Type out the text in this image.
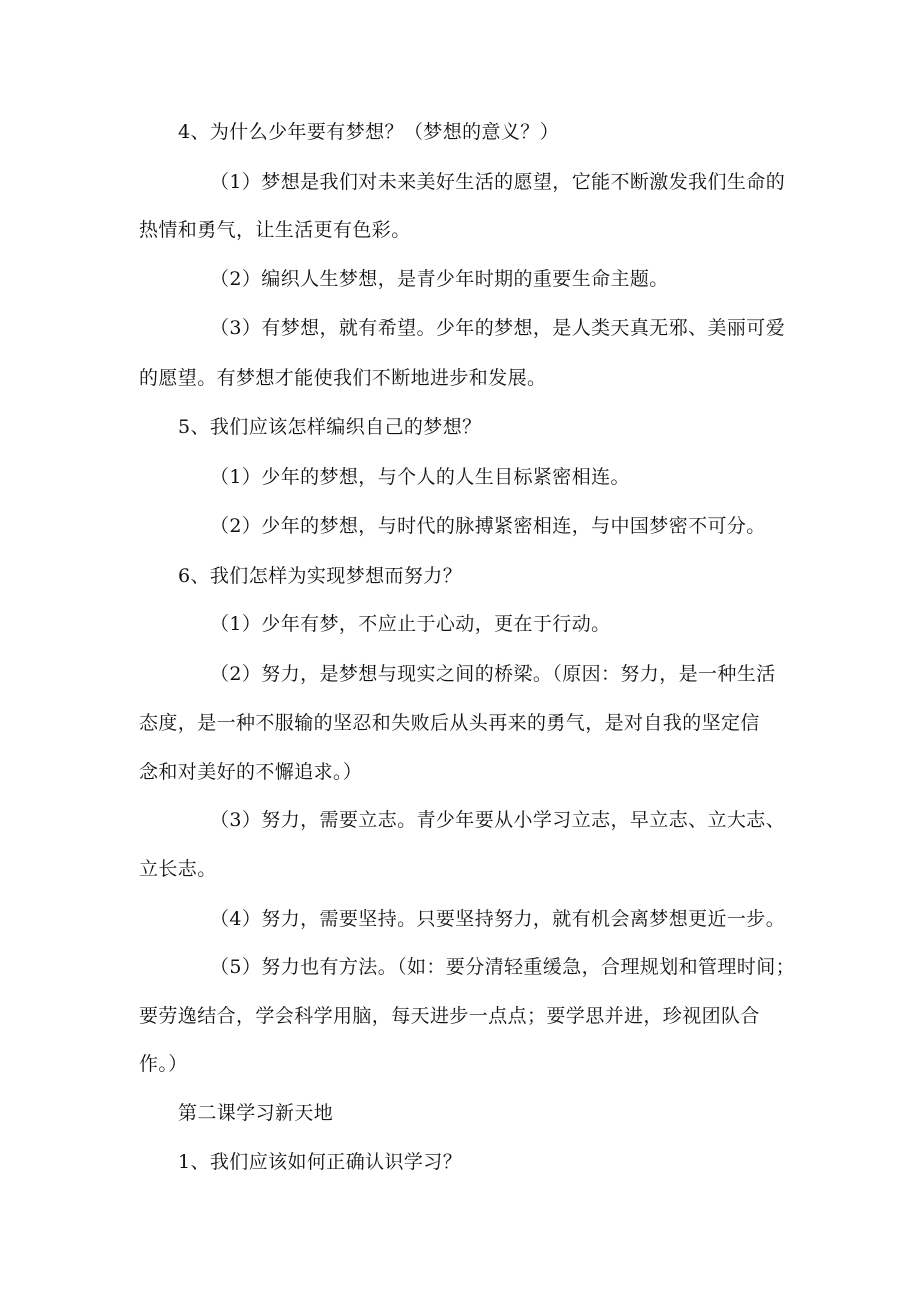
4、为什么少年要有梦想？（梦想的意义？）
（1）梦想是我们对未来美好生活的愿望，它能不断激发我们生命的
热情和勇气，让生活更有色彩。
（2）编织人生梦想，是青少年时期的重要生命主题。
（3）有梦想，就有希望。少年的梦想，是人类天真无邪、美丽可爱
的愿望。有梦想才能使我们不断地进步和发展。
5、我们应该怎样编织自己的梦想？
（1）少年的梦想，与个人的人生目标紧密相连。
（2）少年的梦想，与时代的脉搏紧密相连，与中国梦密不可分。
6、我们怎样为实现梦想而努力？
（1）少年有梦，不应止于心动，更在于行动。
（2）努力，是梦想与现实之间的桥梁。（原因：努力，是一种生活
态度，是一种不服输的坚忍和失败后从头再来的勇气，是对自我的坚定信
念和对美好的不懈追求。）
（3）努力，需要立志。青少年要从小学习立志，早立志、立大志、
立长志。
（4）努力，需要坚持。只要坚持努力，就有机会离梦想更近一步。
（5）努力也有方法。（如：要分清轻重缓急，合理规划和管理时间；
要劳逸结合，学会科学用脑，每天进步一点点；要学思并进，珍视团队合
作。）
第二课学习新天地
1、我们应该如何正确认识学习？
